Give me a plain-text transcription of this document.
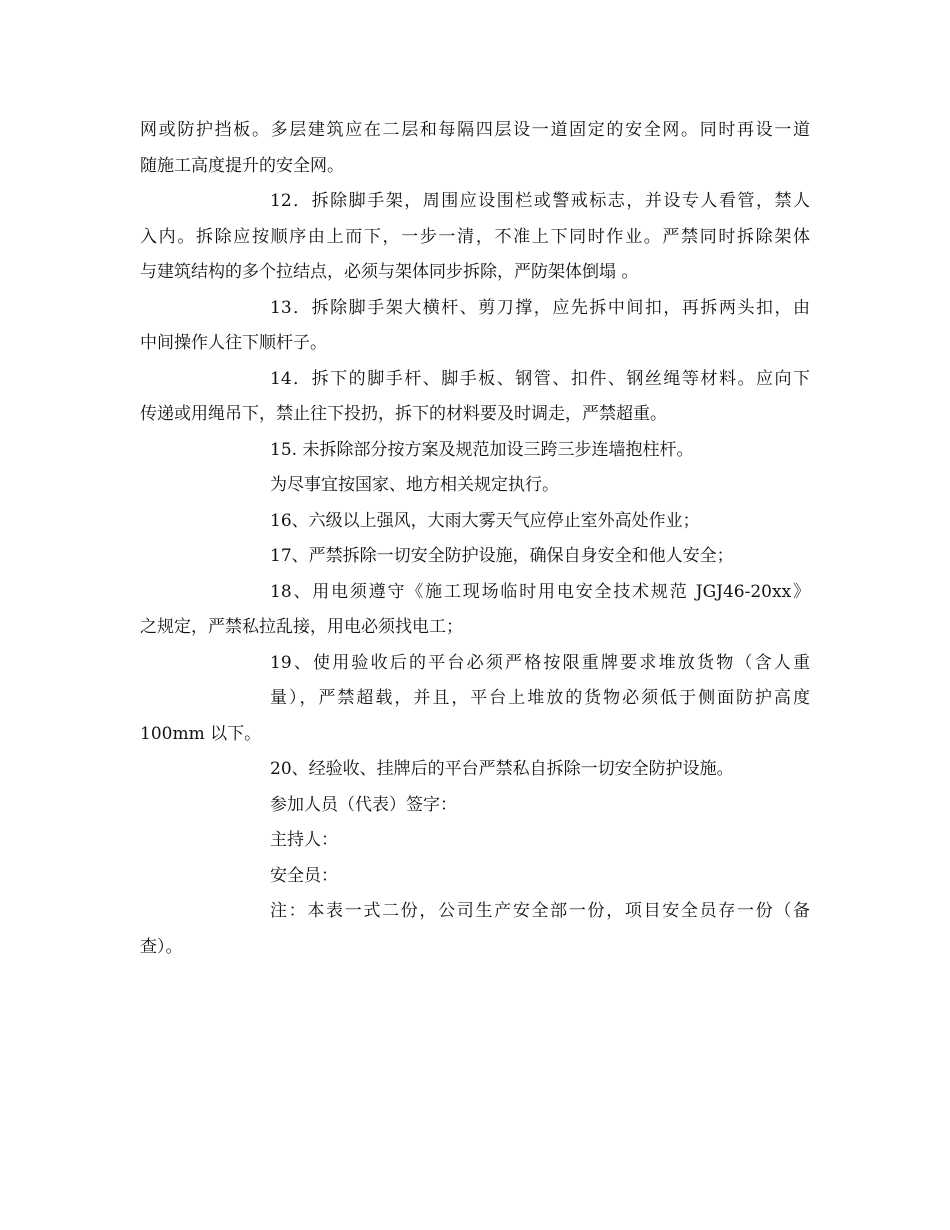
网或防护挡板。多层建筑应在二层和每隔四层设一道固定的安全网。同时再设一道
随施工高度提升的安全网。
12．拆除脚手架，周围应设围栏或警戒标志，并设专人看管，禁人
入内。拆除应按顺序由上而下，一步一清，不准上下同时作业。严禁同时拆除架体
与建筑结构的多个拉结点，必须与架体同步拆除，严防架体倒塌 。
13．拆除脚手架大横杆、剪刀撑，应先拆中间扣，再拆两头扣，由
中间操作人往下顺杆子。
14．拆下的脚手杆、脚手板、钢管、扣件、钢丝绳等材料。应向下
传递或用绳吊下，禁止往下投扔，拆下的材料要及时调走，严禁超重。
15. 未拆除部分按方案及规范加设三跨三步连墙抱柱杆。
为尽事宜按国家、地方相关规定执行。
16、六级以上强风，大雨大雾天气应停止室外高处作业；
17、严禁拆除一切安全防护设施，确保自身安全和他人安全；
18、用电须遵守《施工现场临时用电安全技术规范 JGJ46-20xx》
之规定，严禁私拉乱接，用电必须找电工；
19、使用验收后的平台必须严格按限重牌要求堆放货物（含人重
量），严禁超载，并且，平台上堆放的货物必须低于侧面防护高度
100mm 以下。
20、经验收、挂牌后的平台严禁私自拆除一切安全防护设施。
参加人员（代表）签字：
主持人：
安全员：
注：本表一式二份，公司生产安全部一份，项目安全员存一份（备
查）。
